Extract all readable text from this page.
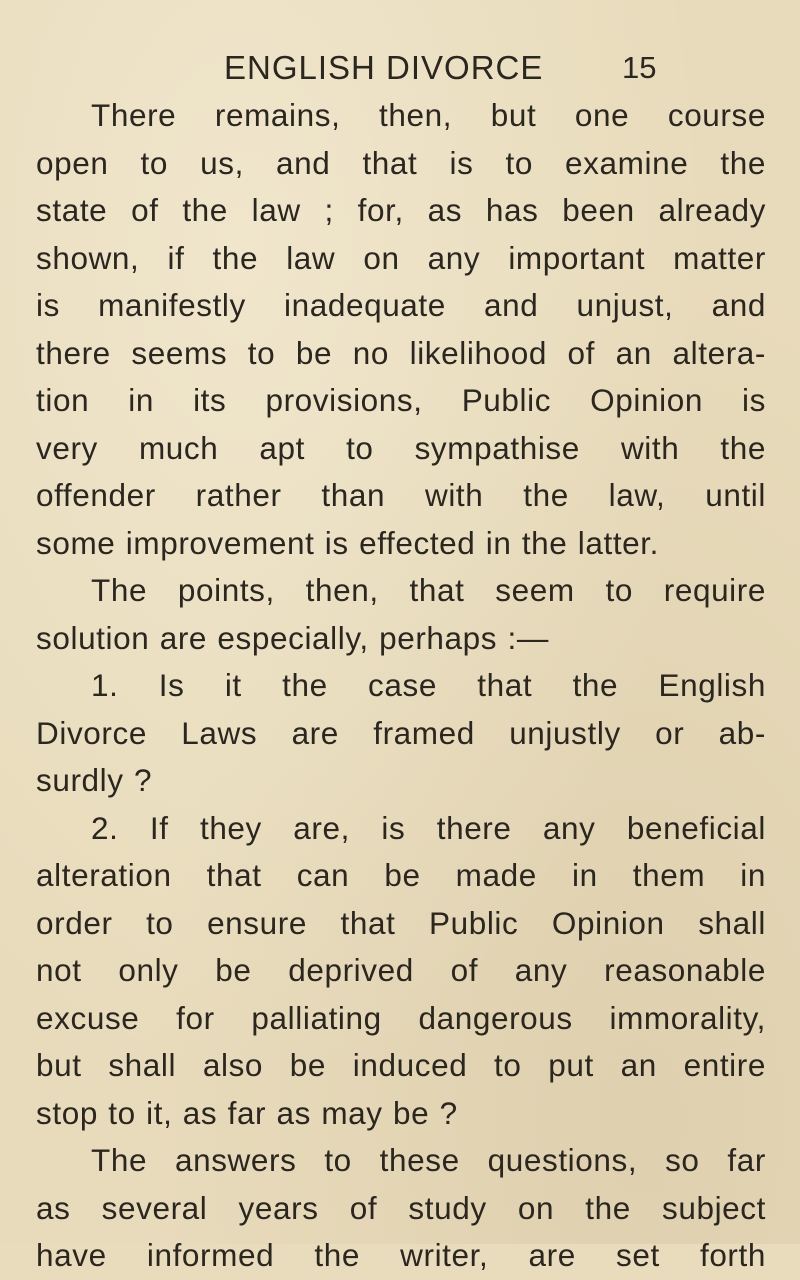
ENGLISH DIVORCE	15
There remains, then, but one course
open to us, and that is to examine the
state of the law ; for, as has been already
shown, if the law on any important matter
is manifestly inadequate and unjust, and
there seems to be no likelihood of an altera-
tion in its provisions, Public Opinion is
very much apt to sympathise with the
offender rather than with the law, until
some improvement is effected in the latter.
The points, then, that seem to require
solution are especially, perhaps :—
1. Is it the case that the English
Divorce Laws are framed unjustly or ab-
surdly ?
2. If they are, is there any beneficial
alteration that can be made in them in
order to ensure that Public Opinion shall
not only be deprived of any reasonable
excuse for palliating dangerous immorality,
but shall also be induced to put an entire
stop to it, as far as may be ?
The answers to these questions, so far
as several years of study on the subject
have informed the writer, are set forth
